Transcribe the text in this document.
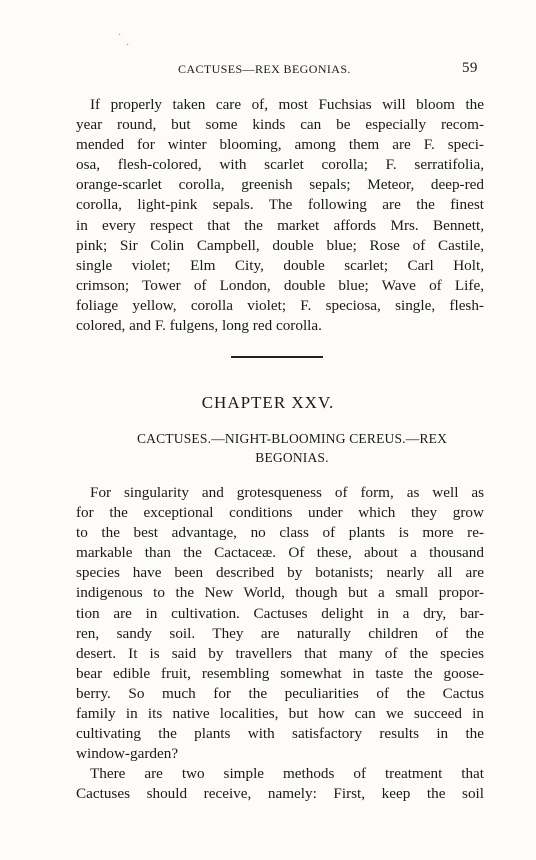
·
·
CACTUSES—REX BEGONIAS.	59
If properly taken care of, most Fuchsias will bloom the
year round, but some kinds can be especially recom-
mended for winter blooming, among them are F. speci-
osa, flesh-colored, with scarlet corolla; F. serratifolia,
orange-scarlet corolla, greenish sepals; Meteor, deep-red
corolla, light-pink sepals. The following are the finest
in every respect that the market affords Mrs. Bennett,
pink; Sir Colin Campbell, double blue; Rose of Castile,
single violet; Elm City, double scarlet; Carl Holt,
crimson; Tower of London, double blue; Wave of Life,
foliage yellow, corolla violet; F. speciosa, single, flesh-
colored, and F. fulgens, long red corolla.
CHAPTER XXV.
CACTUSES.—NIGHT-BLOOMING CEREUS.—REX
BEGONIAS.
For singularity and grotesqueness of form, as well as
for the exceptional conditions under which they grow
to the best advantage, no class of plants is more re-
markable than the Cactaceæ. Of these, about a thousand
species have been described by botanists; nearly all are
indigenous to the New World, though but a small propor-
tion are in cultivation. Cactuses delight in a dry, bar-
ren, sandy soil. They are naturally children of the
desert. It is said by travellers that many of the species
bear edible fruit, resembling somewhat in taste the goose-
berry. So much for the peculiarities of the Cactus
family in its native localities, but how can we succeed in
cultivating the plants with satisfactory results in the
window-garden?
There are two simple methods of treatment that
Cactuses should receive, namely: First, keep the soil
